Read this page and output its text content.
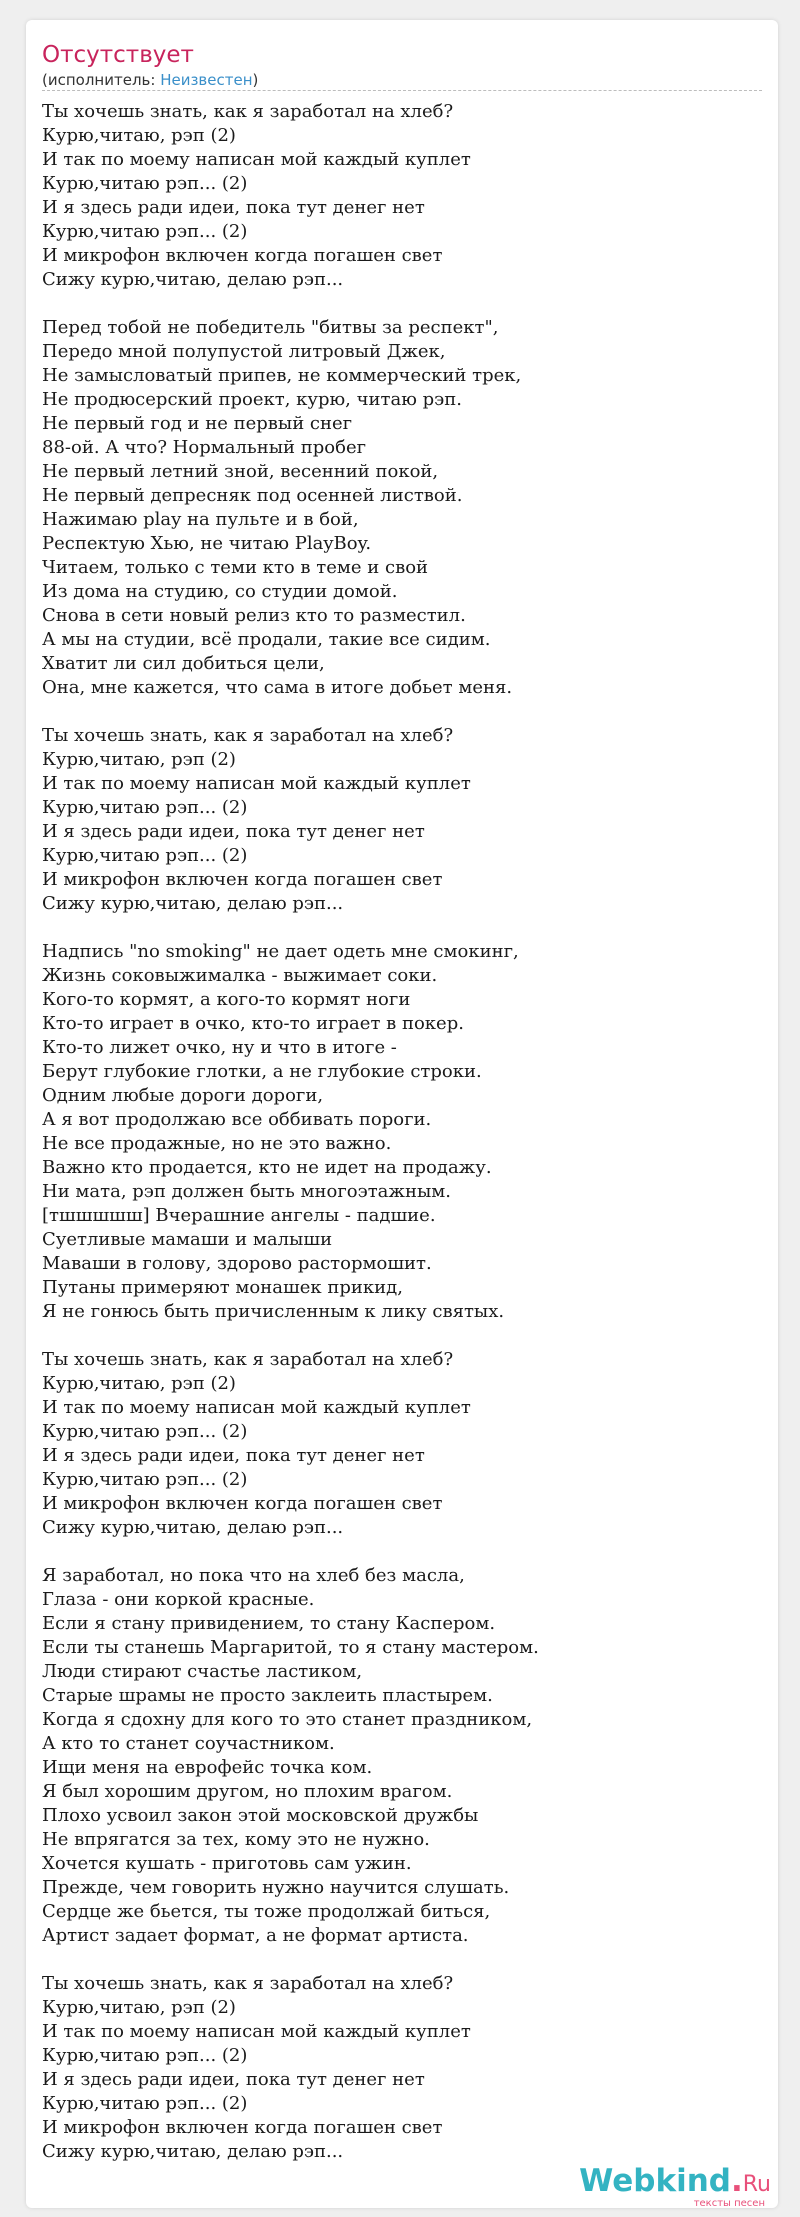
Отсутствует
(исполнитель: Неизвестен)
Ты хочешь знать, как я заработал на хлеб?
Курю,читаю, рэп (2)
И так по моему написан мой каждый куплет
Курю,читаю рэп... (2)
И я здесь ради идеи, пока тут денег нет
Курю,читаю рэп... (2)
И микрофон включен когда погашен свет
Сижу курю,читаю, делаю рэп...
Перед тобой не победитель "битвы за респект",
Передо мной полупустой литровый Джек,
Не замысловатый припев, не коммерческий трек,
Не продюсерский проект, курю, читаю рэп.
Не первый год и не первый снег
88-ой. А что? Нормальный пробег
Не первый летний зной, весенний покой,
Не первый депресняк под осенней листвой.
Нажимаю play на пульте и в бой,
Респектую Хью, не читаю PlayBoy.
Читаем, только с теми кто в теме и свой
Из дома на студию, со студии домой.
Снова в сети новый релиз кто то разместил.
А мы на студии, всё продали, такие все сидим.
Хватит ли сил добиться цели,
Она, мне кажется, что сама в итоге добьет меня.
Ты хочешь знать, как я заработал на хлеб?
Курю,читаю, рэп (2)
И так по моему написан мой каждый куплет
Курю,читаю рэп... (2)
И я здесь ради идеи, пока тут денег нет
Курю,читаю рэп... (2)
И микрофон включен когда погашен свет
Сижу курю,читаю, делаю рэп...
Надпись "no smoking" не дает одеть мне смокинг,
Жизнь соковыжималка - выжимает соки.
Кого-то кормят, а кого-то кормят ноги
Кто-то играет в очко, кто-то играет в покер.
Кто-то лижет очко, ну и что в итоге -
Берут глубокие глотки, а не глубокие строки.
Одним любые дороги дороги,
А я вот продолжаю все оббивать пороги.
Не все продажные, но не это важно.
Важно кто продается, кто не идет на продажу.
Ни мата, рэп должен быть многоэтажным.
[тшшшшш] Вчерашние ангелы - падшие.
Суетливые мамаши и малыши
Маваши в голову, здорово растормошит.
Путаны примеряют монашек прикид,
Я не гонюсь быть причисленным к лику святых.
Ты хочешь знать, как я заработал на хлеб?
Курю,читаю, рэп (2)
И так по моему написан мой каждый куплет
Курю,читаю рэп... (2)
И я здесь ради идеи, пока тут денег нет
Курю,читаю рэп... (2)
И микрофон включен когда погашен свет
Сижу курю,читаю, делаю рэп...
Я заработал, но пока что на хлеб без масла,
Глаза - они коркой красные.
Если я стану привидением, то стану Каспером.
Если ты станешь Маргаритой, то я стану мастером.
Люди стирают счастье ластиком,
Старые шрамы не просто заклеить пластырем.
Когда я сдохну для кого то это станет праздником,
А кто то станет соучастником.
Ищи меня на еврофейс точка ком.
Я был хорошим другом, но плохим врагом.
Плохо усвоил закон этой московской дружбы
Не впрягатся за тех, кому это не нужно.
Хочется кушать - приготовь сам ужин.
Прежде, чем говорить нужно научится слушать.
Сердце же бьется, ты тоже продолжай биться,
Артист задает формат, а не формат артиста.
Ты хочешь знать, как я заработал на хлеб?
Курю,читаю, рэп (2)
И так по моему написан мой каждый куплет
Курю,читаю рэп... (2)
И я здесь ради идеи, пока тут денег нет
Курю,читаю рэп... (2)
И микрофон включен когда погашен свет
Сижу курю,читаю, делаю рэп...
Webkind.Ru
тексты песен
